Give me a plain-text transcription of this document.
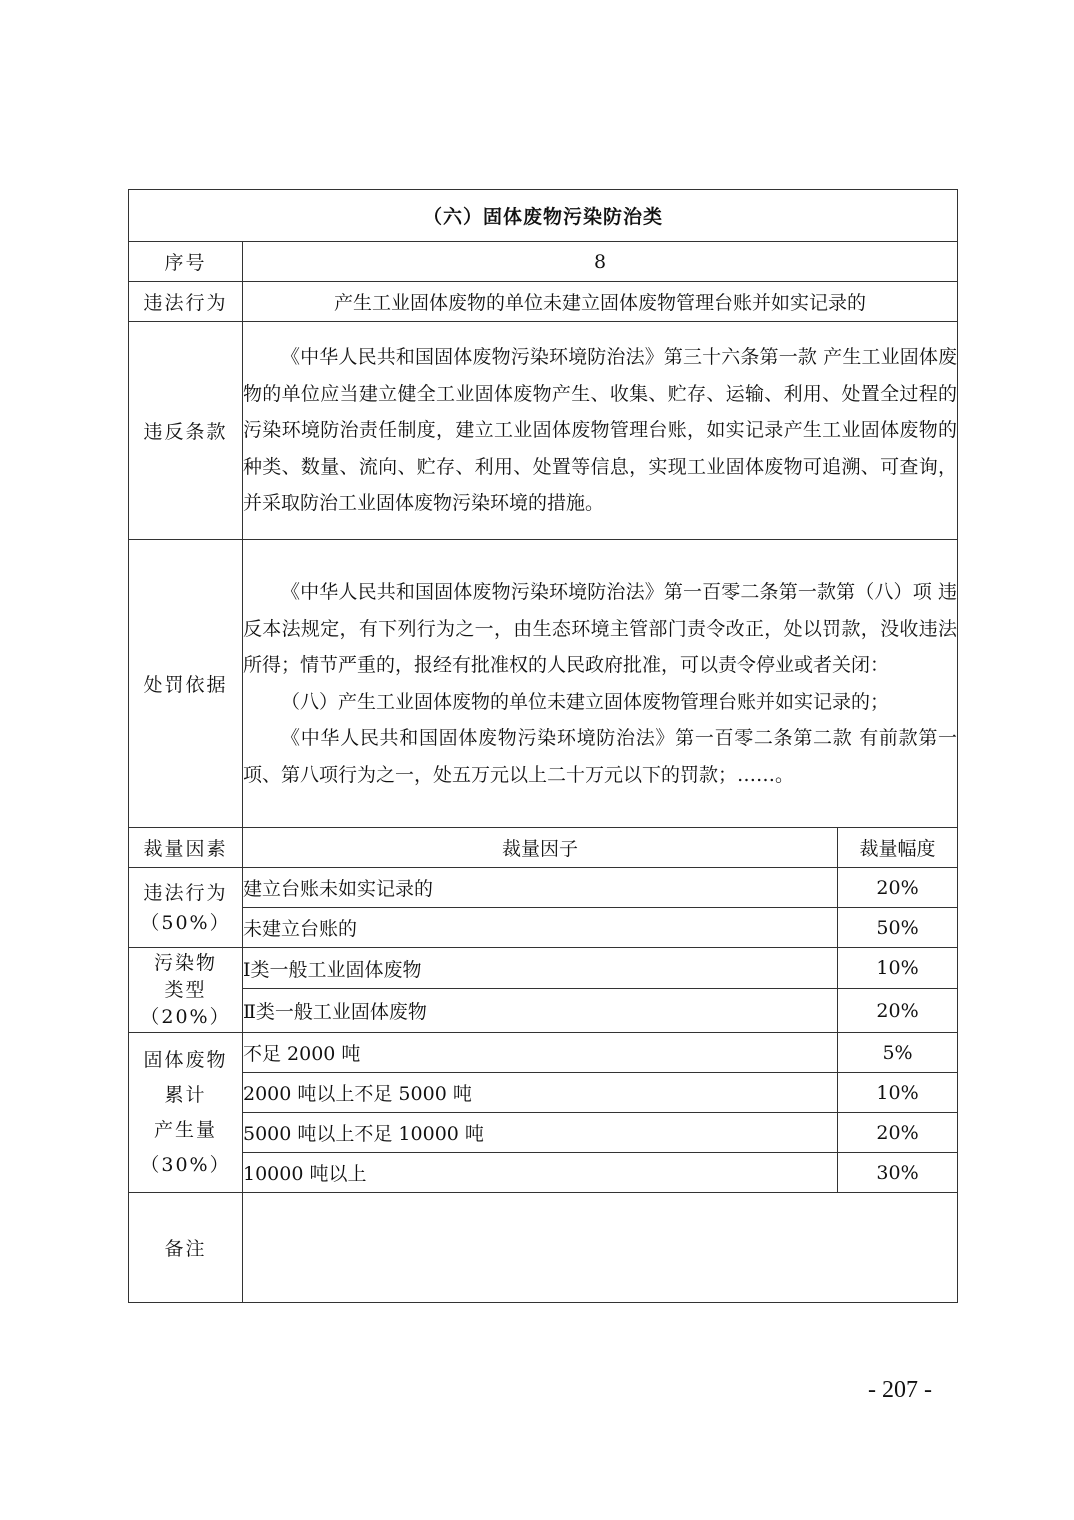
（六）固体废物污染防治类		
序号	8	
违法行为	产生工业固体废物的单位未建立固体废物管理台账并如实记录的	
违反条款	《中华人民共和国固体废物污染环境防治法》第三十六条第一款 产生工业固体废物的单位应当建立健全工业固体废物产生、收集、贮存、运输、利用、处置全过程的污染环境防治责任制度，建立工业固体废物管理台账，如实记录产生工业固体废物的种类、数量、流向、贮存、利用、处置等信息，实现工业固体废物可追溯、可查询，并采取防治工业固体废物污染环境的措施。	

处罚依据	《中华人民共和国固体废物污染环境防治法》第一百零二条第一款第（八）项 违反本法规定，有下列行为之一，由生态环境主管部门责令改正，处以罚款，没收违法所得；情节严重的，报经有批准权的人民政府批准，可以责令停业或者关闭：

（八）产生工业固体废物的单位未建立固体废物管理台账并如实记录的；

《中华人民共和国固体废物污染环境防治法》第一百零二条第二款 有前款第一项、第八项行为之一，处五万元以上二十万元以下的罚款；……。	

裁量因素	裁量因子	裁量幅度

违法行为
（50%）	建立台账未如实记录的	20%
	未建立台账的	50%

污染物
类型
（20%）	Ⅰ类一般工业固体废物	10%
	Ⅱ类一般工业固体废物	20%

固体废物
累计
产生量
（30%）	不足 2000 吨	5%
	2000 吨以上不足 5000 吨	10%
	5000 吨以上不足 10000 吨	20%
	10000 吨以上	30%
备注		
- 207 -
